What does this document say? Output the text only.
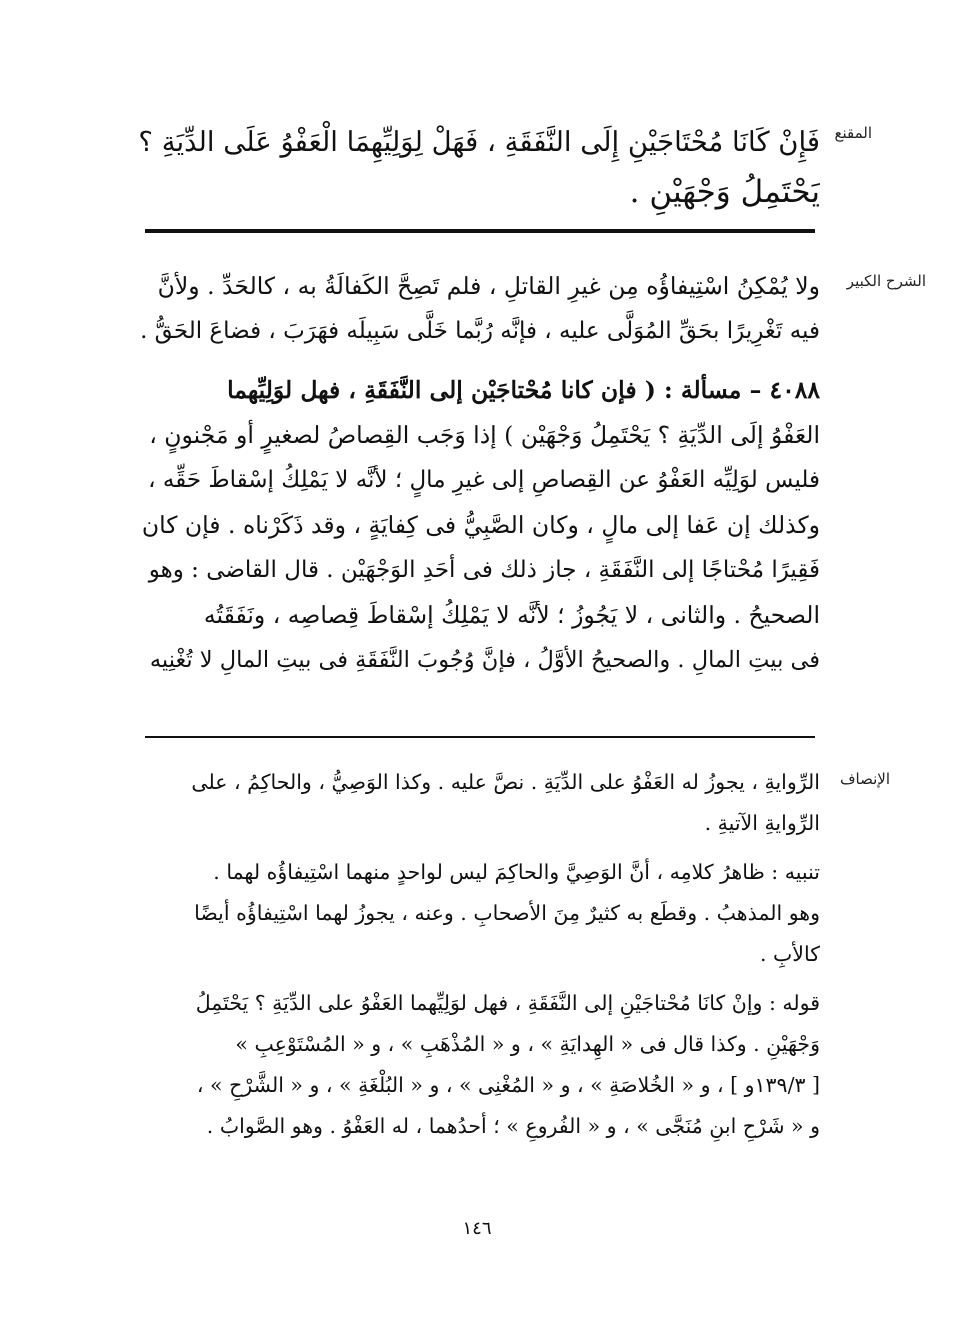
المقنع
فَإِنْ كَانَا مُحْتَاجَيْنِ إِلَى النَّفَقَةِ ، فَهَلْ لِوَلِيِّهِمَا الْعَفْوُ عَلَى الدِّيَةِ ؟
يَحْتَمِلُ وَجْهَيْنِ .
الشرح الكبير
ولا يُمْكِنُ اسْتِيفاؤُه مِن غيرِ القاتلِ ، فلم تَصِحَّ الكَفالَةُ به ، كالحَدِّ . ولأنَّ
فيه تَغْرِيرًا بحَقِّ المُوَلَّى عليه ، فإنَّه رُبَّما خَلَّى سَبِيلَه فهَرَبَ ، فضاعَ الحَقُّ .
٤٠٨٨ – مسألة : ( فإن كانا مُحْتاجَيْن إلى النَّفَقَةِ ، فهل لوَلِيِّهما
العَفْوُ إلَى الدِّيَةِ ؟ يَحْتَمِلُ وَجْهَيْن ) إذا وَجَب القِصاصُ لصغيرٍ أو مَجْنونٍ ،
فليس لوَلِيِّه العَفْوُ عن القِصاصِ إلى غيرِ مالٍ ؛ لأنَّه لا يَمْلِكُ إسْقاطَ حَقِّه ،
وكذلك إن عَفا إلى مالٍ ، وكان الصَّبِيُّ فى كِفايَةٍ ، وقد ذَكَرْناه . فإن كان
فَقِيرًا مُحْتاجًا إلى النَّفَقَةِ ، جاز ذلك فى أحَدِ الوَجْهَيْن . قال القاضى : وهو
الصحيحُ . والثانى ، لا يَجُوزُ ؛ لأنَّه لا يَمْلِكُ إسْقاطَ قِصاصِه ، ونَفَقَتُه
فى بيتِ المالِ . والصحيحُ الأوَّلُ ، فإنَّ وُجُوبَ النَّفَقَةِ فى بيتِ المالِ لا تُغْنِيه
الإنصاف
الرِّوايةِ ، يجوزُ له العَفْوُ على الدِّيَةِ . نصَّ عليه . وكذا الوَصِيُّ ، والحاكِمُ ، على
الرِّوايةِ الآتيةِ .
تنبيه : ظاهرُ كلامِه ، أنَّ الوَصِيَّ والحاكِمَ ليس لواحدٍ منهما اسْتِيفاؤُه لهما .
وهو المذهبُ . وقطَع به كثيرٌ مِنَ الأصحابِ . وعنه ، يجوزُ لهما اسْتِيفاؤُه أيضًا
كالأبِ .
قوله : وإنْ كانَا مُحْتاجَيْنِ إلى النَّفَقَةِ ، فهل لوَلِيِّهما العَفْوُ على الدِّيَةِ ؟ يَحْتَمِلُ
وَجْهَيْنِ . وكذا قال فى « الهِدايَةِ » ، و « المُذْهَبِ » ، و « المُسْتَوْعِبِ »
[ ١٣٩/٣و ] ، و « الخُلاصَةِ » ، و « المُغْنِى » ، و « البُلْغَةِ » ، و « الشَّرْحِ » ،
و « شَرْحِ ابنِ مُنَجَّى » ، و « الفُروعِ » ؛ أحدُهما ، له العَفْوُ . وهو الصَّوابُ .
١٤٦
